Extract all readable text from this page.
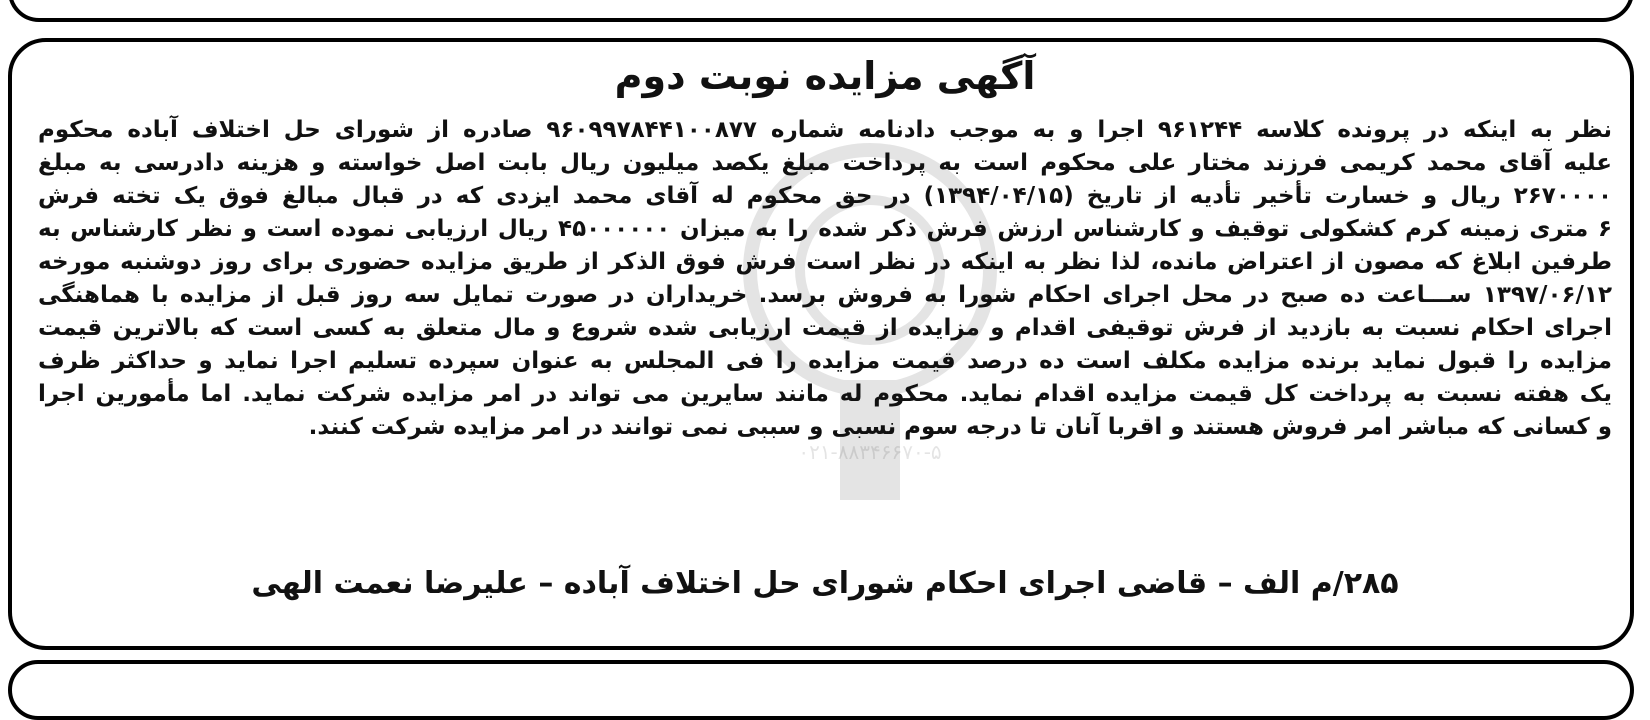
۰۲۱-۸۸۳۴۶۶۷۰-۵
آگهی مزایده نوبت دوم
نظر به اینکه در پرونده کلاسه ۹۶۱۲۴۴ اجرا و به موجب دادنامه شماره ۹۶۰۹۹۷۸۴۴۱۰۰۸۷۷ صادره از شورای حل اختلاف آباده محکوم
علیه آقای محمد کریمی فرزند مختار علی محکوم است به پرداخت مبلغ یکصد میلیون ریال بابت اصل خواسته و هزینه دادرسی به مبلغ
۲۶۷۰۰۰۰ ریال و خسارت تأخیر تأدیه از تاریخ (۱۳۹۴/۰۴/۱۵) در حق محکوم له آقای محمد ایزدی که در قبال مبالغ فوق یک تخته فرش
۶ متری زمینه کرم کشکولی توقیف و کارشناس ارزش فرش ذکر شده را به میزان ۴۵۰۰۰۰۰۰ ریال ارزیابی نموده است و نظر کارشناس به
طرفین ابلاغ که مصون از اعتراض مانده، لذا نظر به اینکه در نظر است فرش فوق الذکر از طریق مزایده حضوری برای روز دوشنبه مورخه
۱۳۹۷/۰۶/۱۲ ســـاعت ده صبح در محل اجرای احکام شورا به فروش برسد. خریداران در صورت تمایل سه روز قبل از مزایده با هماهنگی
اجرای احکام نسبت به بازدید از فرش توقیفی اقدام و مزایده از قیمت ارزیابی شده شروع و مال متعلق به کسی است که بالاترین قیمت
مزایده را قبول نماید برنده مزایده مکلف است ده درصد قیمت مزایده را فی المجلس به عنوان سپرده تسلیم اجرا نماید و حداکثر ظرف
یک هفته نسبت به پرداخت کل قیمت مزایده اقدام نماید. محکوم له مانند سایرین می تواند در امر مزایده شرکت نماید. اما مأمورین اجرا
و کسانی که مباشر امر فروش هستند و اقربا آنان تا درجه سوم نسبی و سببی نمی توانند در امر مزایده شرکت کنند.
۲۸۵/م الف – قاضی اجرای احکام شورای حل اختلاف آباده – علیرضا نعمت الهی
